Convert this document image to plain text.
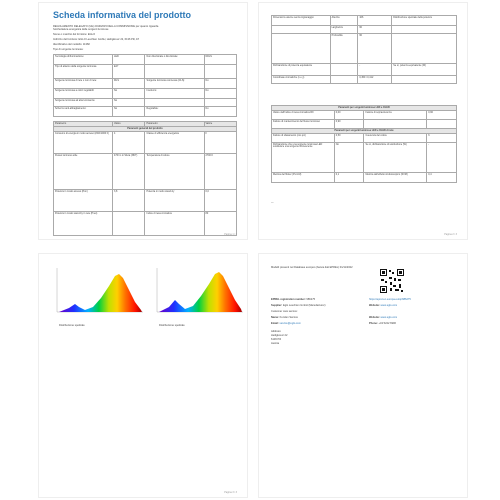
Scheda informativa del prodotto
REGOLAMENTO DELEGATO (UE) 2019/2015 DELLA COMMISSIONE per quanto riguarda
l'etichettatura energetica delle sorgenti luminose
Nome o marchio del fornitore: EGLO
Indirizzo del fornitore: EGLO Leuchten GmbH, Heiligkreuz 22, 6136 Pill, AT
Identificativo del modello: 11382
Tipo di sorgente luminosa:
Tecnologia di illuminazione:	LED	Non direzionale o direzionale:	NDLS
Tipo di attacco della sorgente luminosa	E27		
Sorgente luminosa di rete o non di rete:	MLS	Sorgente luminosa connessa (CLS):	No
Sorgente luminosa a colori regolabili:	No	Involucro:	No
Sorgente luminosa ad alta luminanza:	No		
Schermo anti-abbagliamento:	No	Regolabile:	No
Parametro	Valore	Parametro	Valore
Parametri generali del prodotto			
Consumo di energia in modo acceso (kWh/1000 h)	4	Classe di efficienza energetica	F
Flusso luminoso utile	470 lm in Sfera (360°)	Temperatura di colore	2700 K
Potenza in modo acceso (Pon)	3,8	Potenza in modo stand-by	0,0
Potenza in modo stand-by in rete (Pnet)		Indice di resa cromatica	80
Pagina 1 / 3
Dimensioni esterne senza ingranaggio	Altezza	106	Distribuzione spettrale della potenza
	Larghezza	60	
	Profondità	60	
Dichiarazione di potenza equivalente		-	Se sì, potenza equivalente (W)
Coordinate cromatiche (x e y)		0,459 / 0,412	
Parametri per sorgenti luminose LED e OLED			
Valore dell'indice di resa cromatica R9	0,00	Fattore di sopravvivenza	0,90
Fattore di mantenimento del flusso luminoso	0,90		
Parametri per sorgenti luminose LED e OLED di rete			
Fattore di sfasamento (cos φ1)	0,50	Coerenza del colore	6
Dichiarazione che una sorgente luminosa LED sostituisce una sorgente fluorescente	No	Se sì, dichiarazione di sostituzione (W)	-
Metrica del flicker (Pst LM)	0,1	Metrica dell'effetto stroboscopico (SVM)	0,4
—
Pagina 2 / 3
Distribuzione spettrale	Distribuzione spettrale
Pagina 3 / 3
Modelli presenti nel Database europeo (banca dati EPREL) 01/11/2022
EPREL registration number: 986275	https://eprel.ec.europa.eu/qr/986275
Supplier: Eglo Leuchten GmbH (Manufacturer)	Website: www.eglo.com
Customer care service:
Name: Kunden Service	Website: www.eglo.com
Email: service@eglo.com	Phone: +43 5242 6996
Address:
Heiligkreuz 22
6136 Pill
Austria
